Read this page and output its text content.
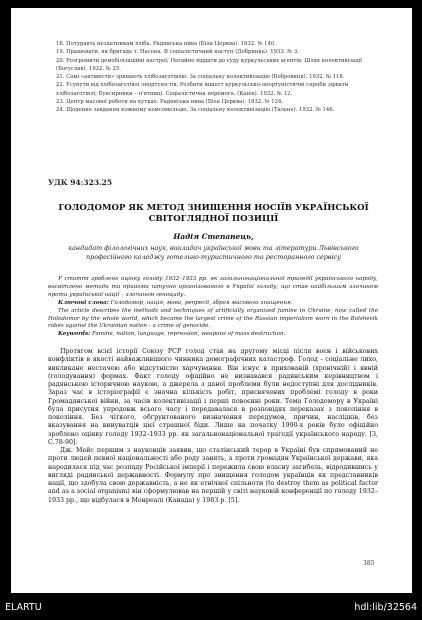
18. Потуравть нездатникам хліба. Радянська нива (Біла Церква). 1932. № 140.
19. Працювати, як бригада т. Насона. В соціалістичний наступ (Добринка). 1933. № 3.
20. Розгромити демобілізаційні настрої; Негайно віддати до суду куркульських агентів. Шлях колективізації (Богуслав). 1932. № 25.
21. Самі «активісти» зривають хлібозаготівлю. За соціальну колективізацію (Бобровиця). 1932. № 118.
22. Усунути від хлібозаготівлі опортуністів; Розбити іншест куркульсько-опортуністичні спроби зірвати хлібозаготівлі; Буксирники – п'ятниці. Соціалістична перемога. (Канів). 1932. № 12.
23. Центр масової роботи на кутках. Радянська нива (Біла Церква). 1932. № 124.
24. Щоденне завдання кожному комсомольцю. За соціальну колективізацію (Тальне). 1932. № 146.
УДК 94:323.25
ГОЛОДОМОР ЯК МЕТОД ЗНИЩЕННЯ НОСІЇВ УКРАЇНСЬКОЇ СВІТОГЛЯДНОЇ ПОЗИЦІЇ
Надія Степанець,
кандидат філологічних наук, викладач української мови та літератури Львівського професійного коледжу готельно-туристичного та ресторанного сервісу

У статті зроблено оцінку голоду 1932–1933 рр. як загальнонаціональної трагедії українського народу, висвітлено методи та прийоми штучно організованого в Україні голоду, що став найбільшим злочином проти української нації – злочином геноциду.

Ключові слова: Голодомор, нація, мова, репресії, зброя масового знищення.

The article describes the methods and techniques of artificially organized famine in Ukraine, now called the Holodomor by the whole world, which became the largest crime of the Russian imperialism worn in the Bolshevik robes against the Ukrainian nation - a crime of genocide.

Keywords: Famine, nation, language, repression, weapons of mass destruction.

Протягом всієї історії Союзу РСР голод став на другому місці після воєн і військових конфліктів в якості найважливішого чинника демографічних катастроф. Голод - соціальне лихо, викликане нестачею або відсутністю харчування. Він існує в прихованій (хронічній) і явній (голодування) формах. Факт голоду офіційно не визнавався радянським керівництвом і радянською історичною наукою, а джерела з даної проблеми були недоступні для дослідників. Зараз час в історіографії є значна кількість робіт, присвячених проблемі голоду в роки Громадянської війни, за часів колективізації і перші повоєнні роки. Тема Голодомору в Україні була присутня упродовж всього часу і передавалася в розповідях переказах з покоління в покоління. Без чіткого, обґрунтованого визначення передумов, причин, наслідків, без вказування на винуватців цієї страшної біди. Лише на початку 1990-х років було офіційно зроблено оцінку голоду 1932–1933 рр. як загальнонаціональної трагедії українського народу. [3, С.78-90].

Дж. Мейс першим з науковців заявив, що сталінський терор в Україні був спрямований не проти людей певної національності або роду занять, а проти громадян Української держави, яка народилася під час розпаду Російської імперії і пережила свою власну загибель, відродившись у вигляді радянської державності. Формулу про знищення голодом українців як представників нації, що здобула свою державність, а не як етнічної спільноти (to destroy them as political factor and as a social organism) він сформулював на першій у світі науковій конференції по голоду 1932–1933 рр., що відбулася в Монреалі (Канада) у 1983 р. [5].

385
ELARTU	hdl:lib/32564
